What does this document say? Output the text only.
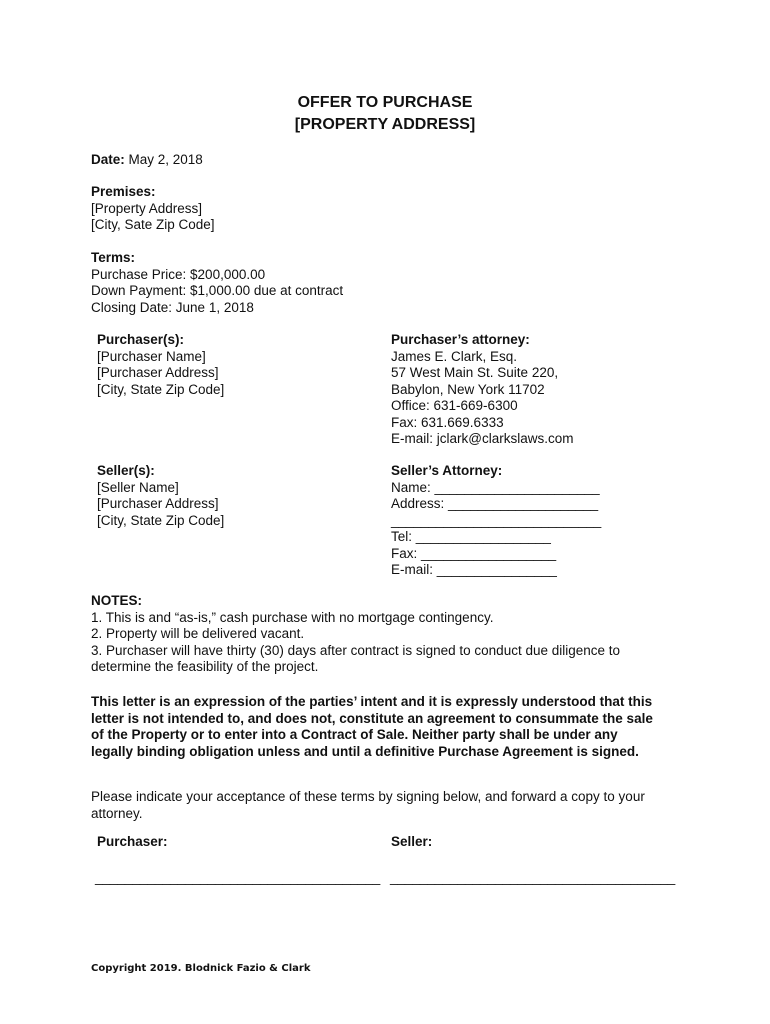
OFFER TO PURCHASE
[PROPERTY ADDRESS]
Date: May 2, 2018
Premises:
[Property Address]
[City, Sate Zip Code]
Terms:
Purchase Price: $200,000.00
Down Payment: $1,000.00 due at contract
Closing Date: June 1, 2018
Purchaser(s):
[Purchaser Name]
[Purchaser Address]
[City, State Zip Code]
Purchaser’s attorney:
James E. Clark, Esq.
57 West Main St. Suite 220,
Babylon, New York 11702
Office: 631-669-6300
Fax: 631.669.6333
E-mail: jclark@clarkslaws.com
Seller(s):
[Seller Name]
[Purchaser Address]
[City, State Zip Code]
Seller’s Attorney:
Name: ______________________
Address: ____________________
____________________________
Tel: __________________
Fax: __________________
E-mail: ________________
NOTES:
1. This is and “as-is,” cash purchase with no mortgage contingency.
2. Property will be delivered vacant.
3. Purchaser will have thirty (30) days after contract is signed to conduct due diligence to
determine the feasibility of the project.
This letter is an expression of the parties’ intent and it is expressly understood that this
letter is not intended to, and does not, constitute an agreement to consummate the sale
of the Property or to enter into a Contract of Sale. Neither party shall be under any
legally binding obligation unless and until a definitive Purchase Agreement is signed.
Please indicate your acceptance of these terms by signing below, and forward a copy to your
attorney.
Purchaser:	Seller:
______________________________________ ______________________________________
Copyright 2019. Blodnick Fazio & Clark
